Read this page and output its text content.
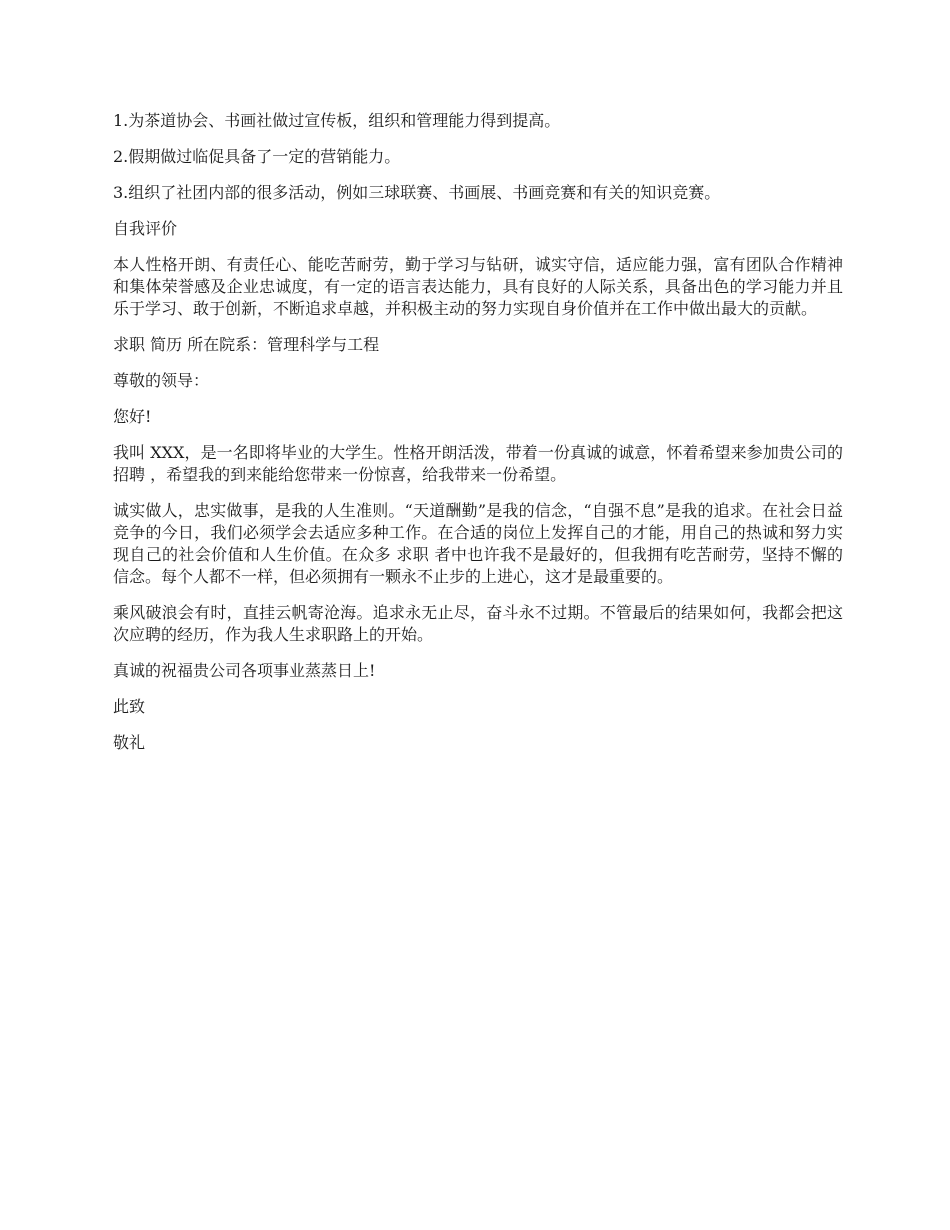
1.为茶道协会、书画社做过宣传板，组织和管理能力得到提高。

2.假期做过临促具备了一定的营销能力。

3.组织了社团内部的很多活动，例如三球联赛、书画展、书画竞赛和有关的知识竞赛。

自我评价

本人性格开朗、有责任心、能吃苦耐劳，勤于学习与钻研，诚实守信，适应能力强，富有团队合作精神和集体荣誉感及企业忠诚度，有一定的语言表达能力，具有良好的人际关系，具备出色的学习能力并且乐于学习、敢于创新，不断追求卓越，并积极主动的努力实现自身价值并在工作中做出最大的贡献。

求职 简历 所在院系：管理科学与工程

尊敬的领导：

您好!

我叫 XXX，是一名即将毕业的大学生。性格开朗活泼，带着一份真诚的诚意，怀着希望来参加贵公司的 招聘 ，希望我的到来能给您带来一份惊喜，给我带来一份希望。

诚实做人，忠实做事，是我的人生准则。“天道酬勤”是我的信念，“自强不息”是我的追求。在社会日益竞争的今日，我们必须学会去适应多种工作。在合适的岗位上发挥自己的才能，用自己的热诚和努力实现自己的社会价值和人生价值。在众多 求职 者中也许我不是最好的，但我拥有吃苦耐劳，坚持不懈的信念。每个人都不一样，但必须拥有一颗永不止步的上进心，这才是最重要的。

乘风破浪会有时，直挂云帆寄沧海。追求永无止尽，奋斗永不过期。不管最后的结果如何，我都会把这次应聘的经历，作为我人生求职路上的开始。

真诚的祝福贵公司各项事业蒸蒸日上!

此致

敬礼
